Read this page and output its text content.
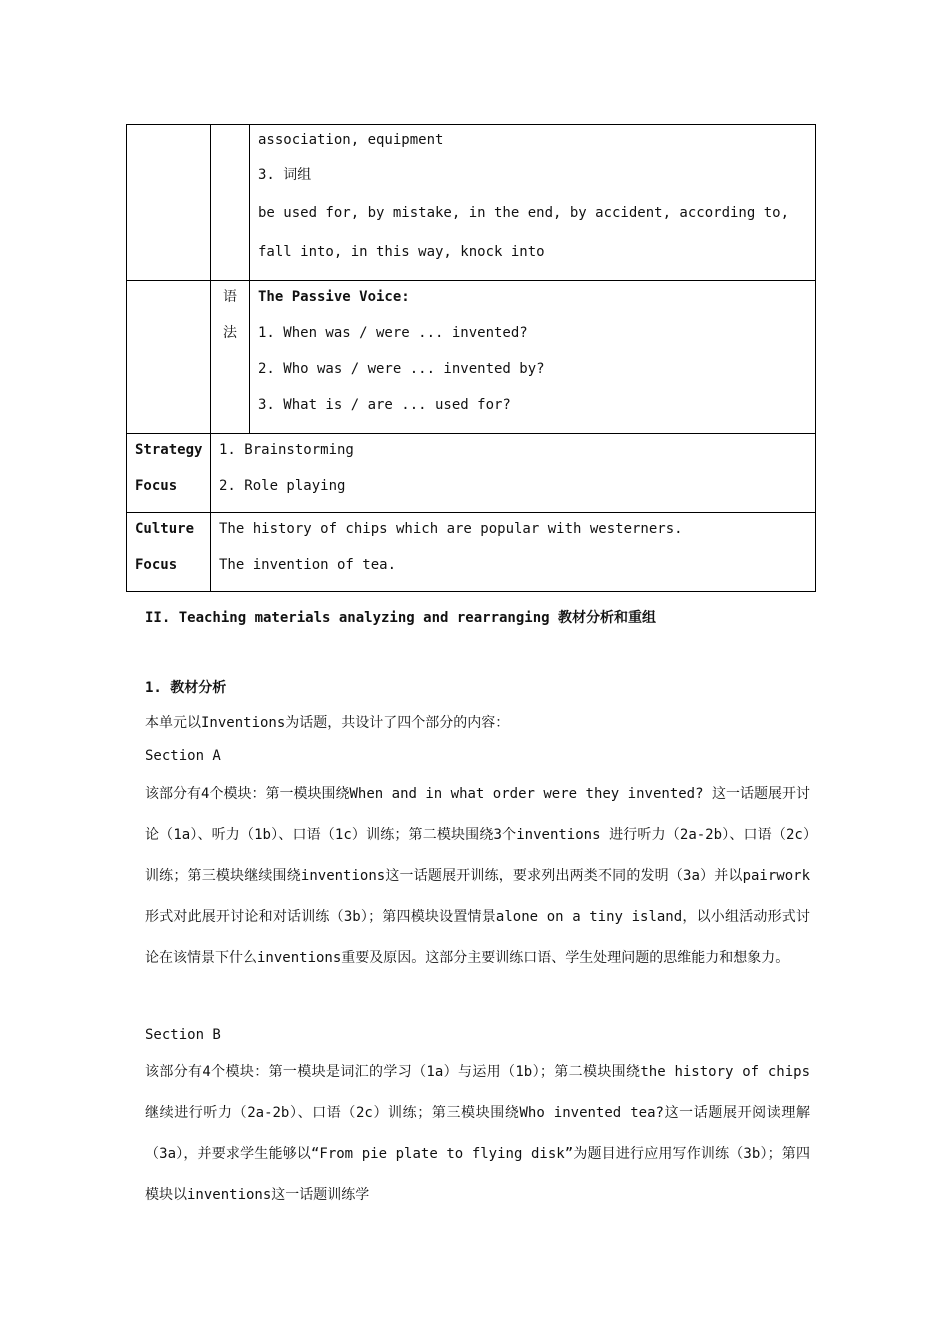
		association, equipment
3. 词组
be used for, by mistake, in the end, by accident, according to,
fall into, in this way, knock into

	语
法	The Passive Voice:
1. When was / were ... invented?
2. Who was / were ... invented by?
3. What is / are ... used for?

Strategy
Focus	1. Brainstorming
2. Role playing	

Culture
Focus	The history of chips which are popular with westerners.
The invention of tea.	
II. Teaching materials analyzing and rearranging 教材分析和重组
1. 教材分析
本单元以Inventions为话题，共设计了四个部分的内容：
Section A
该部分有4个模块：第一模块围绕When and in what order were they invented? 这一话题展开讨论（1a）、听力（1b）、口语（1c）训练；第二模块围绕3个inventions 进行听力（2a-2b）、口语（2c）训练；第三模块继续围绕inventions这一话题展开训练，要求列出两类不同的发明（3a）并以pairwork形式对此展开讨论和对话训练（3b）；第四模块设置情景alone on a tiny island，以小组活动形式讨论在该情景下什么inventions重要及原因。这部分主要训练口语、学生处理问题的思维能力和想象力。
Section B
该部分有4个模块：第一模块是词汇的学习（1a）与运用（1b）；第二模块围绕the history of chips继续进行听力（2a-2b）、口语（2c）训练；第三模块围绕Who invented tea?这一话题展开阅读理解（3a），并要求学生能够以“From pie plate to flying disk”为题目进行应用写作训练（3b）；第四模块以inventions这一话题训练学
